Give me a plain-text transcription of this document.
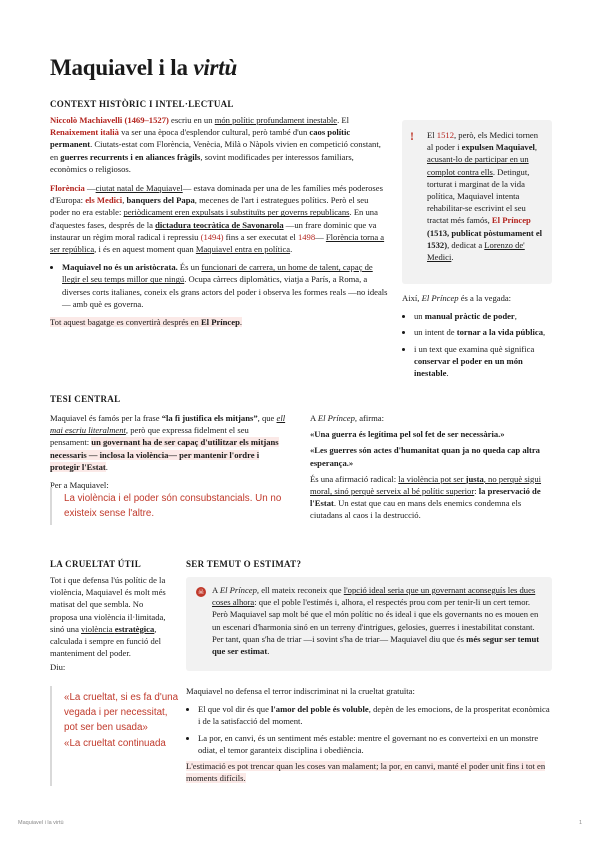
Maquiavel i la virtù
CONTEXT HISTÒRIC I INTEL·LECTUAL

Niccolò Machiavelli (1469–1527) escriu en un món polític profundament inestable. El Renaixement italià va ser una època d'esplendor cultural, però també d'un caos polític permanent. Ciutats-estat com Florència, Venècia, Milà o Nàpols vivien en competició constant, en guerres recurrents i en aliances fràgils, sovint modificades per interessos familiars, econòmics o religiosos.

Florència —ciutat natal de Maquiavel— estava dominada per una de les famílies més poderoses d'Europa: els Medici, banquers del Papa, mecenes de l'art i estrategues polítics. Però el seu poder no era estable: periòdicament eren expulsats i substituïts per governs republicans. En una d'aquestes fases, després de la dictadura teocràtica de Savonarola —un frare dominic que va instaurar un règim moral radical i repressiu (1494) fins a ser executat el 1498— Florència torna a ser república, i és en aquest moment quan Maquiavel entra en política.

• Maquiavel no és un aristòcrata. És un funcionari de carrera, un home de talent, capaç de llegir el seu temps millor que ningú. Ocupa càrrecs diplomàtics, viatja a París, a Roma, a diverses corts italianes, coneix els grans actors del poder i observa les formes reals —no ideals— amb què es governa.

Tot aquest bagatge es convertirà després en El Príncep.

! El 1512, però, els Medici tornen al poder i expulsen Maquiavel, acusant-lo de participar en un complot contra ells. Detingut, torturat i marginat de la vida política, Maquiavel intenta rehabilitar-se escrivint el seu tractat més famós, El Príncep (1513, publicat pòstumament el 1532), dedicat a Lorenzo de' Medici.

Així, El Príncep és a la vegada:

• un manual pràctic de poder,
• un intent de tornar a la vida pública,
• i un text que examina què significa conservar el poder en un món inestable.
TESI CENTRAL

Maquiavel és famós per la frase “la fi justifica els mitjans”, que ell mai escriu literalment, però que expressa fidelment el seu pensament: un governant ha de ser capaç d'utilitzar els mitjans necessaris — inclosa la violència— per mantenir l'ordre i protegir l'Estat.

Per a Maquiavel:

La violència i el poder són consubstancials. Un no existeix sense l'altre.

A El Príncep, afirma:

«Una guerra és legítima pel sol fet de ser necessària.»

«Les guerres són actes d'humanitat quan ja no queda cap altra esperança.»

És una afirmació radical: la violència pot ser justa, no perquè sigui moral, sinó perquè serveix al bé polític superior: la preservació de l'Estat. Un estat que cau en mans dels enemics condemna els ciutadans al caos i la destrucció.

LA CRUELTAT ÚTIL

Tot i que defensa l'ús polític de la violència, Maquiavel és molt més matisat del que sembla. No proposa una violència il·limitada, sinó una violència estratègica, calculada i sempre en funció del manteniment del poder.

Diu:

«La crueltat, si es fa d'una vegada i per necessitat, pot ser ben usada»
«La crueltat continuada
SER TEMUT O ESTIMAT?
☠ A El Príncep, ell mateix reconeix que l'opció ideal seria que un governant aconseguís les dues coses alhora: que el poble l'estimés i, alhora, el respectés prou com per tenir-li un cert temor. Però Maquiavel sap molt bé que el món polític no és ideal i que els governants no es mouen en un escenari d'harmonia sinó en un terreny d'intrigues, gelosies, guerres i inestabilitat constant. Per tant, quan s'ha de triar —i sovint s'ha de triar— Maquiavel diu que és més segur ser temut que ser estimat.

Maquiavel no defensa el terror indiscriminat ni la crueltat gratuïta:

• El que vol dir és que l'amor del poble és voluble, depèn de les emocions, de la prosperitat econòmica i de la satisfacció del moment.
• La por, en canvi, és un sentiment més estable: mentre el governant no es converteixi en un monstre odiat, el temor garanteix disciplina i obediència.

L'estimació es pot trencar quan les coses van malament; la por, en canvi, manté el poder unit fins i tot en moments difícils.

Maquiavel i la virtù	1
